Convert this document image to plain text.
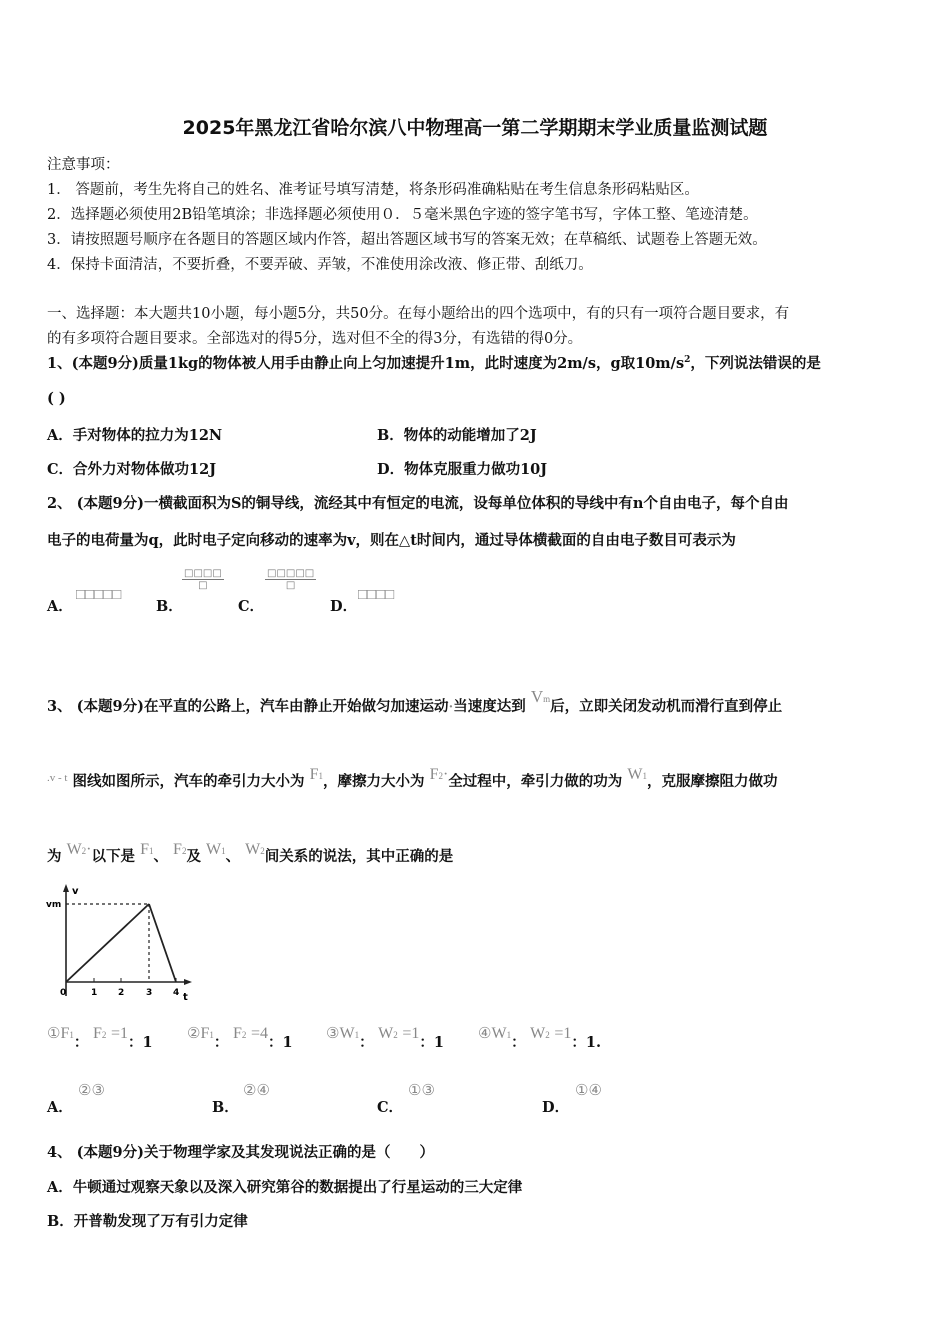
2025年黑龙江省哈尔滨八中物理高一第二学期期末学业质量监测试题
注意事项：
1． 答题前，考生先将自己的姓名、准考证号填写清楚，将条形码准确粘贴在考生信息条形码粘贴区。
2．选择题必须使用2B铅笔填涂；非选择题必须使用０．５毫米黑色字迹的签字笔书写，字体工整、笔迹清楚。
3．请按照题号顺序在各题目的答题区域内作答，超出答题区域书写的答案无效；在草稿纸、试题卷上答题无效。
4．保持卡面清洁，不要折叠，不要弄破、弄皱，不准使用涂改液、修正带、刮纸刀。
一、选择题：本大题共10小题，每小题5分，共50分。在每小题给出的四个选项中，有的只有一项符合题目要求，有
的有多项符合题目要求。全部选对的得5分，选对但不全的得3分，有选错的得0分。
1、(本题9分)质量1kg的物体被人用手由静止向上匀加速提升1m，此时速度为2m/s，g取$10m/s^2$，下列说法错误的是
( )
A．手对物体的拉力为12N	B．物体的动能增加了2J
C．合外力对物体做功12J	D．物体克服重力做功10J
2、 (本题9分)一横截面积为S的铜导线，流经其中有恒定的电流，设每单位体积的导线中有n个自由电子，每个自由
电子的电荷量为q，此时电子定向移动的速率为v，则在△t时间内，通过导体横截面的自由电子数目可表示为
A．
□□□□□
B．
□□□□
□
C．
□□□□□
□
D．
□□□□
3、 (本题9分)在平直的公路上，汽车由静止开始做匀加速运动·当速度达到 Vm后，立即关闭发动机而滑行直到停止
$^{.v - t}$ 图线如图所示，汽车的牵引力大小为 F1，摩擦力大小为 F2·全过程中，牵引力做的功为 W1，克服摩擦阻力做功
为 W2·以下是 F1、 F2及 W1、 W2间关系的说法，其中正确的是
v
vm
t
0	1 2 3 4
①F1： F2 =1：1
②F1： F2 =4：1
③W1： W2 =1：1
④W1： W2 =1：1.
A．
②③
B．
②④
C．
①③
D．
①④
4、 (本题9分)关于物理学家及其发现说法正确的是（　　）
A．牛顿通过观察天象以及深入研究第谷的数据提出了行星运动的三大定律
B．开普勒发现了万有引力定律
